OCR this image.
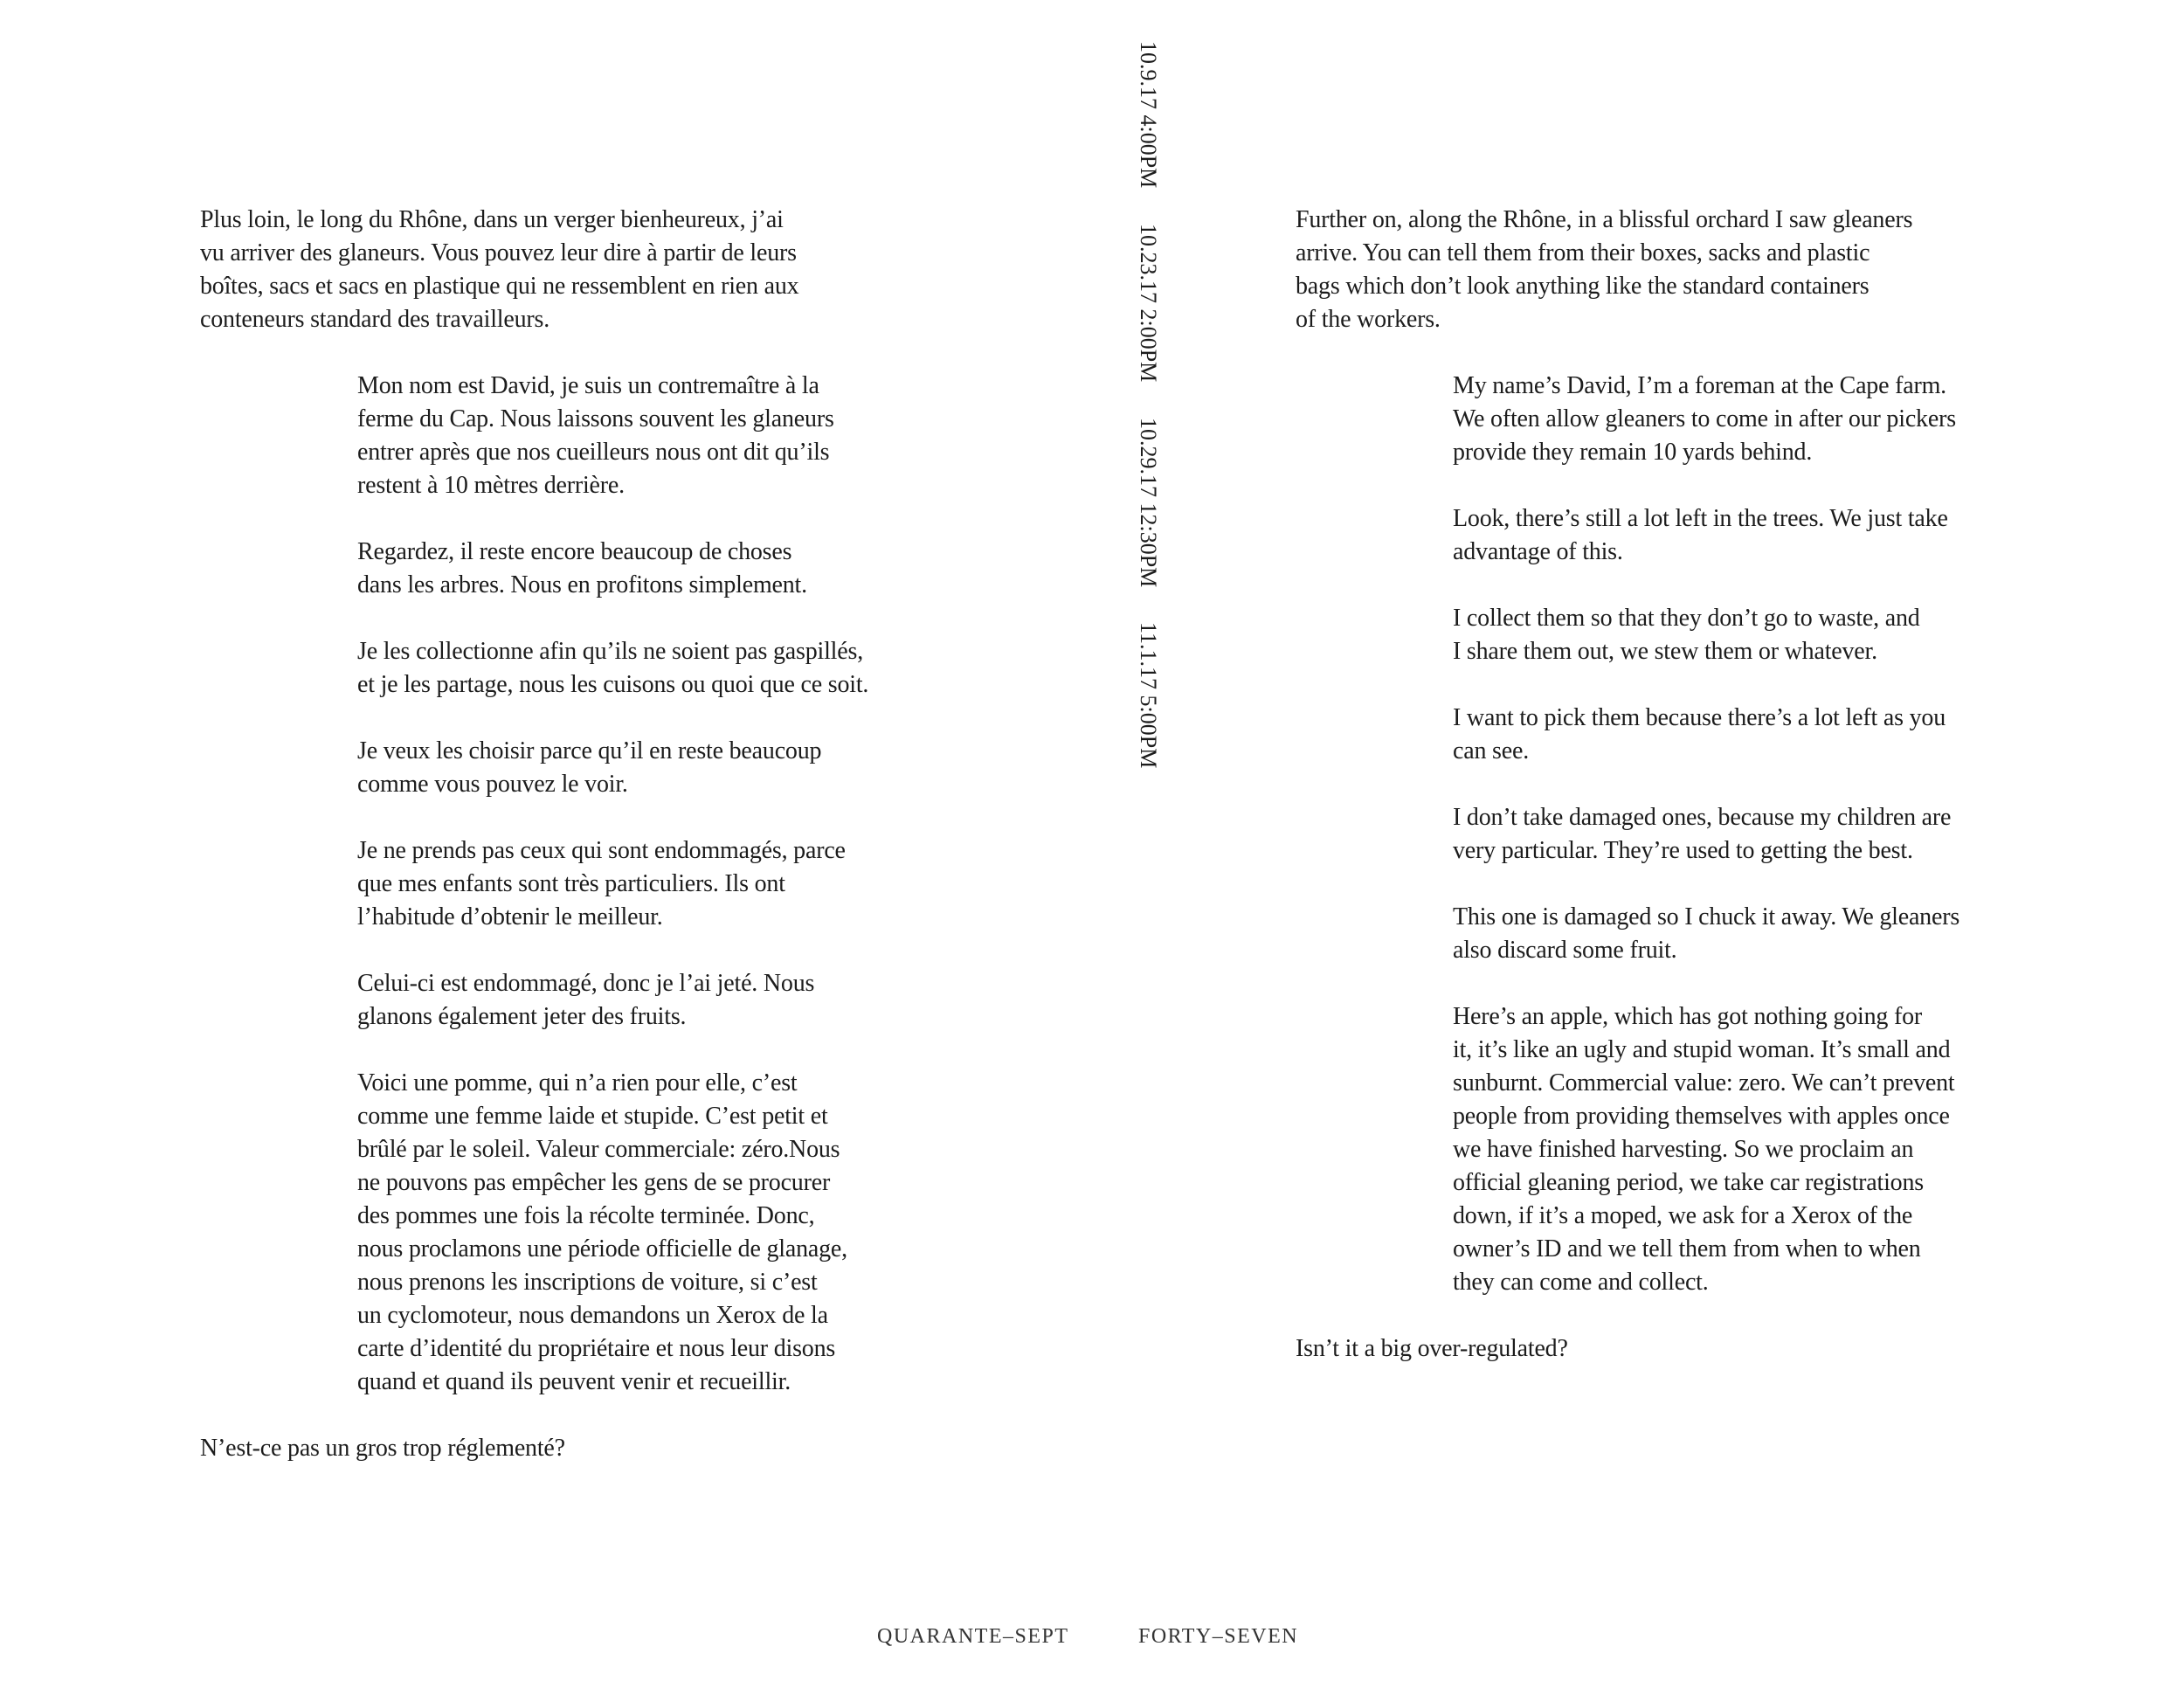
Plus loin, le long du Rhône, dans un verger bienheureux, j’ai
vu arriver des glaneurs. Vous pouvez leur dire à partir de leurs
boîtes, sacs et sacs en plastique qui ne ressemblent en rien aux
conteneurs standard des travailleurs.

Mon nom est David, je suis un contremaître à la
ferme du Cap. Nous laissons souvent les glaneurs
entrer après que nos cueilleurs nous ont dit qu’ils
restent à 10 mètres derrière.

Regardez, il reste encore beaucoup de choses
dans les arbres. Nous en profitons simplement.

Je les collectionne afin qu’ils ne soient pas gaspillés,
et je les partage, nous les cuisons ou quoi que ce soit.

Je veux les choisir parce qu’il en reste beaucoup
comme vous pouvez le voir.

Je ne prends pas ceux qui sont endommagés, parce
que mes enfants sont très particuliers. Ils ont
l’habitude d’obtenir le meilleur.

Celui-ci est endommagé, donc je l’ai jeté. Nous
glanons également jeter des fruits.

Voici une pomme, qui n’a rien pour elle, c’est
comme une femme laide et stupide. C’est petit et
brûlé par le soleil. Valeur commerciale: zéro.Nous
ne pouvons pas empêcher les gens de se procurer
des pommes une fois la récolte terminée. Donc,
nous proclamons une période officielle de glanage,
nous prenons les inscriptions de voiture, si c’est
un cyclomoteur, nous demandons un Xerox de la
carte d’identité du propriétaire et nous leur disons
quand et quand ils peuvent venir et recueillir.

N’est-ce pas un gros trop réglementé?

10.9.17 4:00PM 10.23.17 2:00PM 10.29.17 12:30PM 11.1.17 5:00PM

Further on, along the Rhône, in a blissful orchard I saw gleaners
arrive. You can tell them from their boxes, sacks and plastic
bags which don’t look anything like the standard containers
of the workers.

My name’s David, I’m a foreman at the Cape farm.
We often allow gleaners to come in after our pickers
provide they remain 10 yards behind.

Look, there’s still a lot left in the trees. We just take
advantage of this.

I collect them so that they don’t go to waste, and
I share them out, we stew them or whatever.

I want to pick them because there’s a lot left as you
can see.

I don’t take damaged ones, because my children are
very particular. They’re used to getting the best.

This one is damaged so I chuck it away. We gleaners
also discard some fruit.

Here’s an apple, which has got nothing going for
it, it’s like an ugly and stupid woman. It’s small and
sunburnt. Commercial value: zero. We can’t prevent
people from providing themselves with apples once
we have finished harvesting. So we proclaim an
official gleaning period, we take car registrations
down, if it’s a moped, we ask for a Xerox of the
owner’s ID and we tell them from when to when
they can come and collect.

Isn’t it a big over-regulated?

QUARANTE–SEPT	FORTY–SEVEN
